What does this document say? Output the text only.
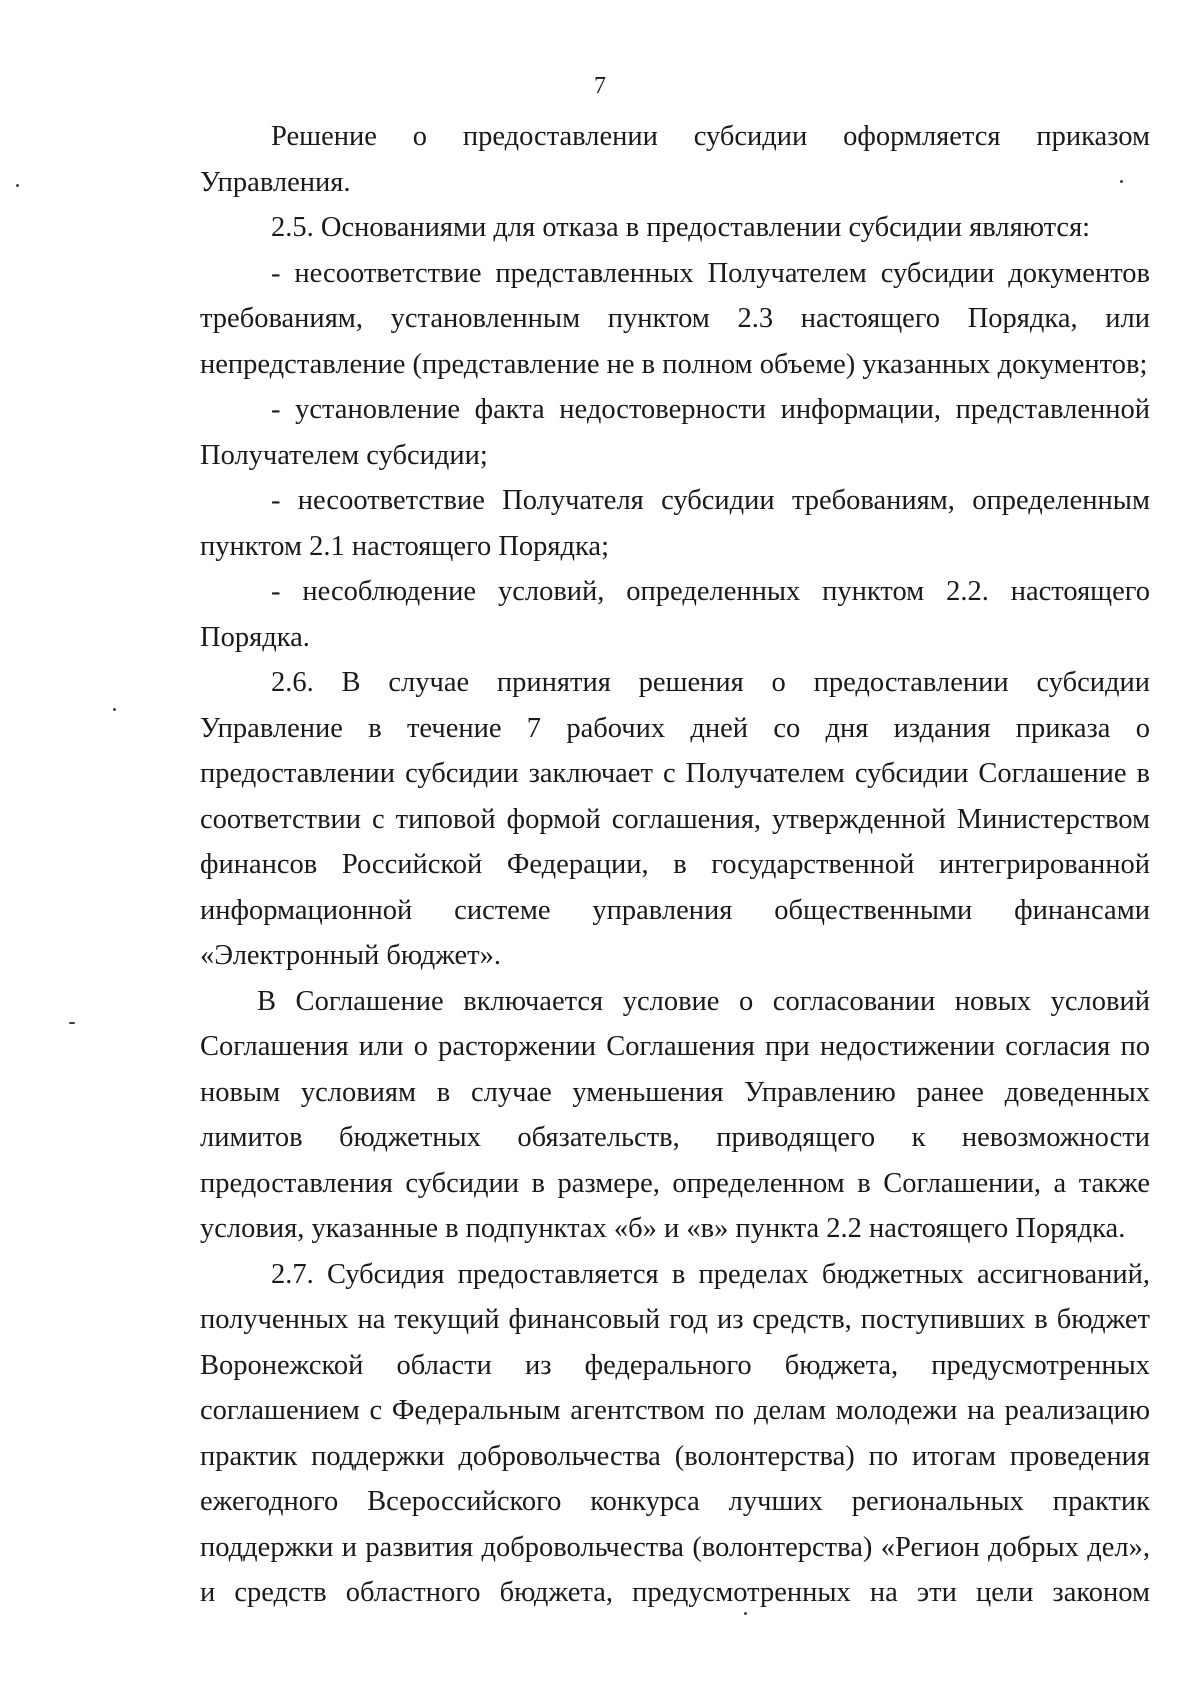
7

Решение о предоставлении субсидии оформляется приказом Управления.

2.5. Основаниями для отказа в предоставлении субсидии являются:

- несоответствие представленных Получателем субсидии документов требованиям, установленным пунктом 2.3 настоящего Порядка, или непредставление (представление не в полном объеме) указанных документов;

- установление факта недостоверности информации, представленной Получателем субсидии;

- несоответствие Получателя субсидии требованиям, определенным пунктом 2.1 настоящего Порядка;

- несоблюдение условий, определенных пунктом 2.2. настоящего Порядка.

2.6. В случае принятия решения о предоставлении субсидии Управление в течение 7 рабочих дней со дня издания приказа о предоставлении субсидии заключает с Получателем субсидии Соглашение в соответствии с типовой формой соглашения, утвержденной Министерством финансов Российской Федерации, в государственной интегрированной информационной системе управления общественными финансами «Электронный бюджет».

В Соглашение включается условие о согласовании новых условий Соглашения или о расторжении Соглашения при недостижении согласия по новым условиям в случае уменьшения Управлению ранее доведенных лимитов бюджетных обязательств, приводящего к невозможности предоставления субсидии в размере, определенном в Соглашении, а также условия, указанные в подпунктах «б» и «в» пункта 2.2 настоящего Порядка.

2.7. Субсидия предоставляется в пределах бюджетных ассигнований, полученных на текущий финансовый год из средств, поступивших в бюджет Воронежской области из федерального бюджета, предусмотренных соглашением с Федеральным агентством по делам молодежи на реализацию практик поддержки добровольчества (волонтерства) по итогам проведения ежегодного Всероссийского конкурса лучших региональных практик поддержки и развития добровольчества (волонтерства) «Регион добрых дел», и средств областного бюджета, предусмотренных на эти цели законом
